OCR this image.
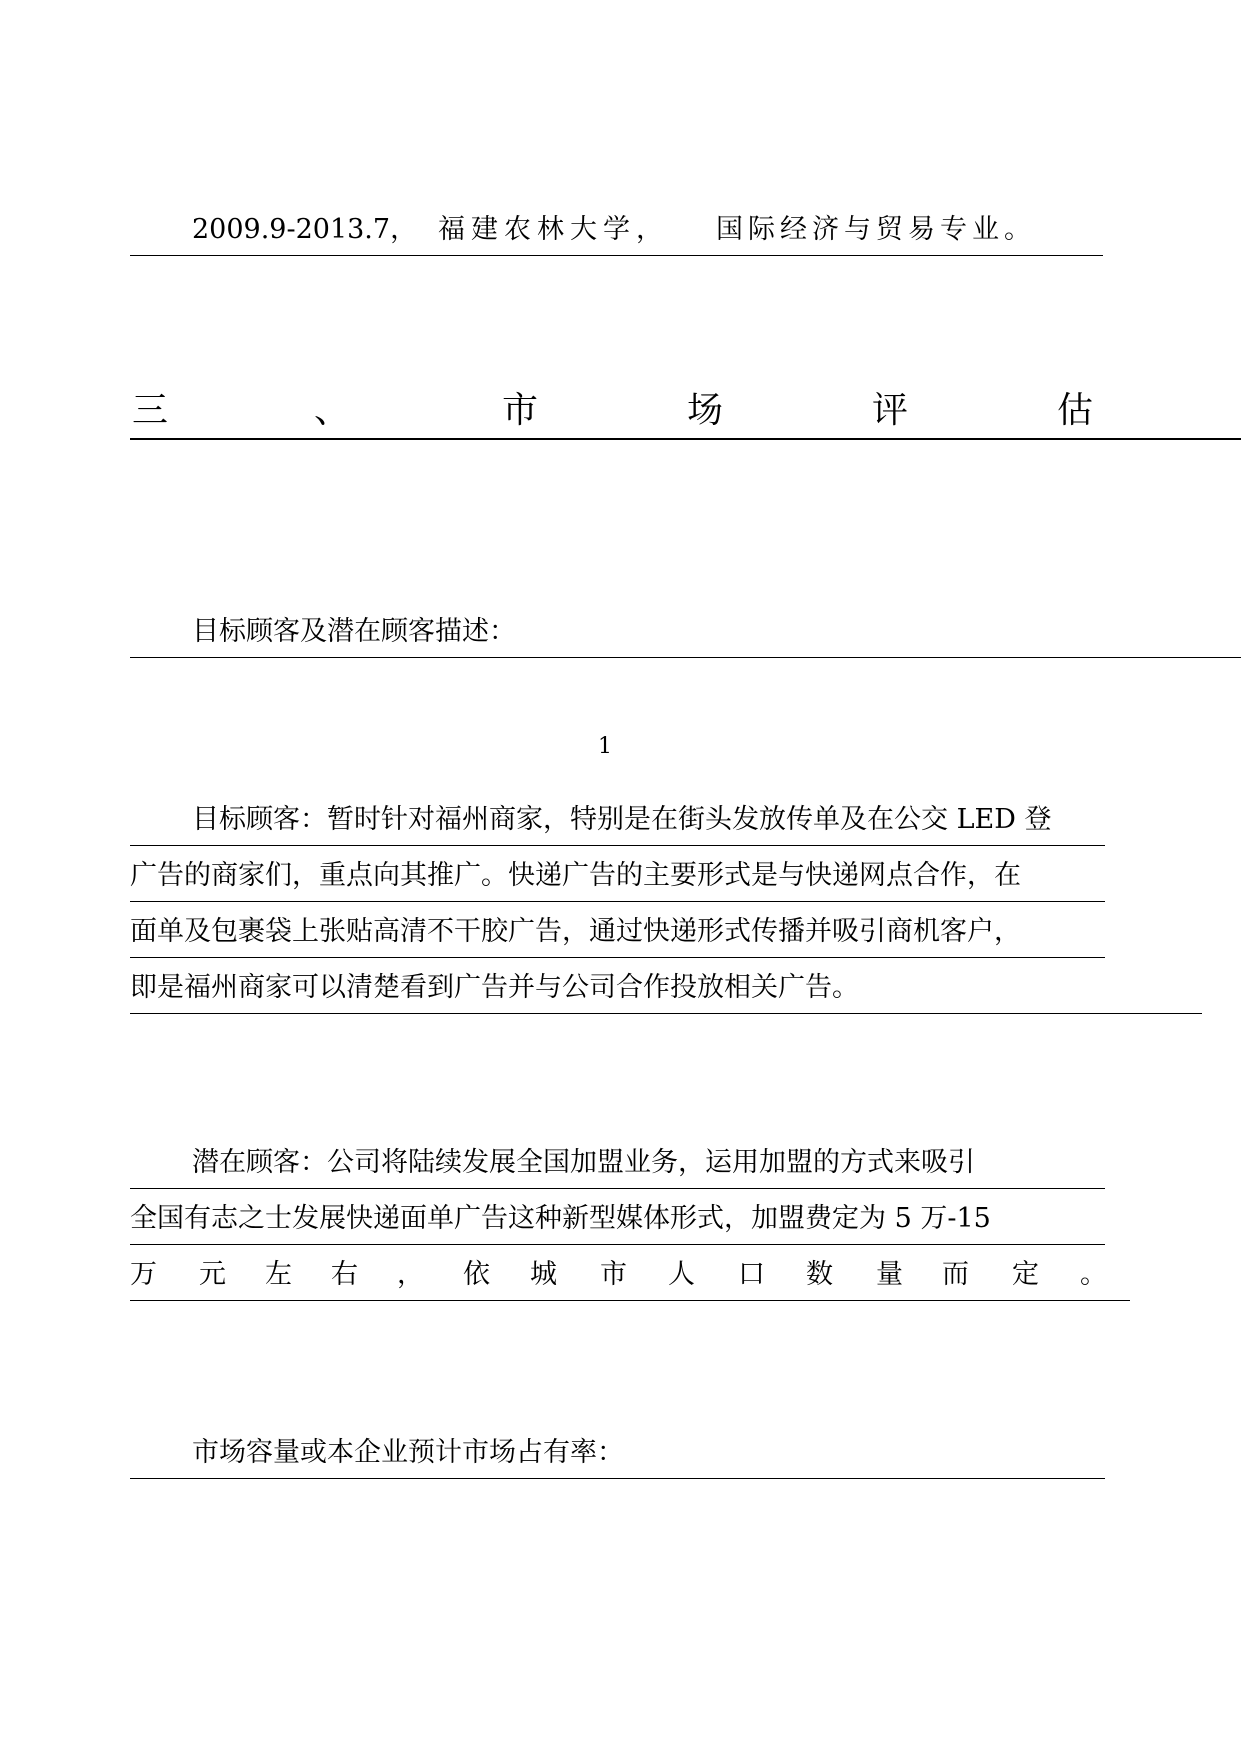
2009.9-2013.7， 福 建 农 林 大 学 ， 国 际 经 济 与 贸 易 专 业 。
三	、	市	场	评	估
目标顾客及潜在顾客描述：
1
目标顾客：暂时针对福州商家，特别是在街头发放传单及在公交 LED 登
广告的商家们，重点向其推广。快递广告的主要形式是与快递网点合作，在
面单及包裹袋上张贴高清不干胶广告，通过快递形式传播并吸引商机客户，
即是福州商家可以清楚看到广告并与公司合作投放相关广告。
潜在顾客：公司将陆续发展全国加盟业务，运用加盟的方式来吸引
全国有志之士发展快递面单广告这种新型媒体形式，加盟费定为 5 万-15
万 元 左 右 ， 依 城 市 人 口 数 量 而 定 。
市场容量或本企业预计市场占有率：
